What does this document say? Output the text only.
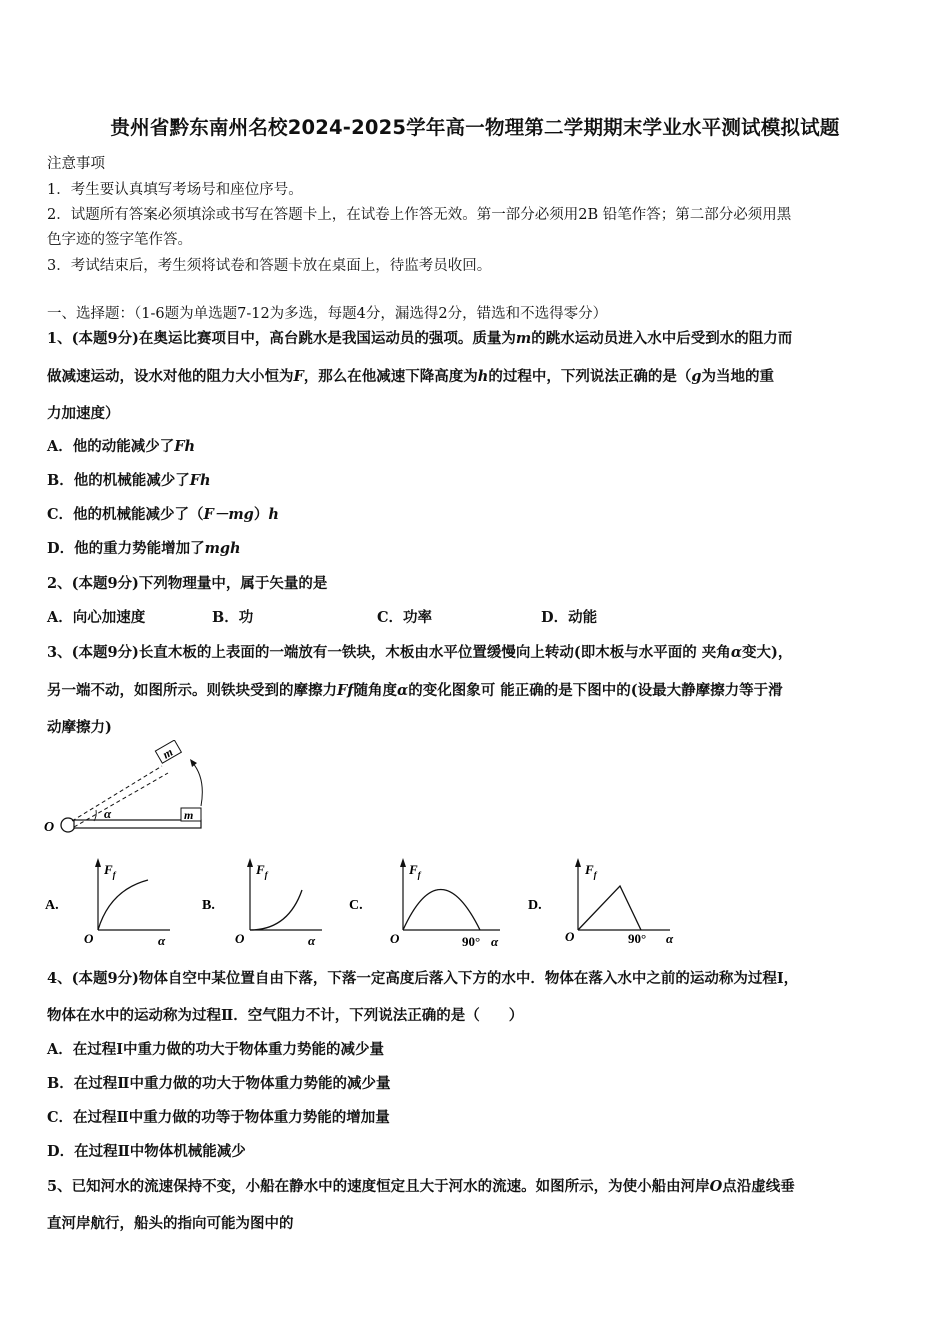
贵州省黔东南州名校2024-2025学年高一物理第二学期期末学业水平测试模拟试题
注意事项
1．考生要认真填写考场号和座位序号。
2．试题所有答案必须填涂或书写在答题卡上，在试卷上作答无效。第一部分必须用2B 铅笔作答；第二部分必须用黑
色字迹的签字笔作答。
3．考试结束后，考生须将试卷和答题卡放在桌面上，待监考员收回。
一、选择题：（1-6题为单选题7-12为多选，每题4分，漏选得2分，错选和不选得零分）
1、(本题9分)在奥运比赛项目中，高台跳水是我国运动员的强项。质量为m的跳水运动员进入水中后受到水的阻力而
做减速运动，设水对他的阻力大小恒为F，那么在他减速下降高度为h的过程中，下列说法正确的是（g为当地的重
力加速度）
A．他的动能减少了Fh
B．他的机械能减少了Fh
C．他的机械能减少了（F－mg）h
D．他的重力势能增加了mgh
2、(本题9分)下列物理量中，属于矢量的是
A．向心加速度	B．功	C．功率	D．动能
3、(本题9分)长直木板的上表面的一端放有一铁块，木板由水平位置缓慢向上转动(即木板与水平面的 夹角α变大)，
另一端不动，如图所示。则铁块受到的摩擦力Ff随角度α的变化图象可 能正确的是下图中的(设最大静摩擦力等于滑
动摩擦力)
O
m
m
α
A.
$F_f$
O	α
B.
$F_f$
O	α
C.
$F_f$
O	90° α
D.
$F_f$
O	90° α
4、(本题9分)物体自空中某位置自由下落，下落一定高度后落入下方的水中．物体在落入水中之前的运动称为过程Ⅰ，
物体在水中的运动称为过程Ⅱ．空气阻力不计，下列说法正确的是（　　）
A．在过程Ⅰ中重力做的功大于物体重力势能的减少量
B．在过程Ⅱ中重力做的功大于物体重力势能的减少量
C．在过程Ⅱ中重力做的功等于物体重力势能的增加量
D．在过程Ⅱ中物体机械能减少
5、已知河水的流速保持不变，小船在静水中的速度恒定且大于河水的流速。如图所示，为使小船由河岸O点沿虚线垂
直河岸航行，船头的指向可能为图中的
